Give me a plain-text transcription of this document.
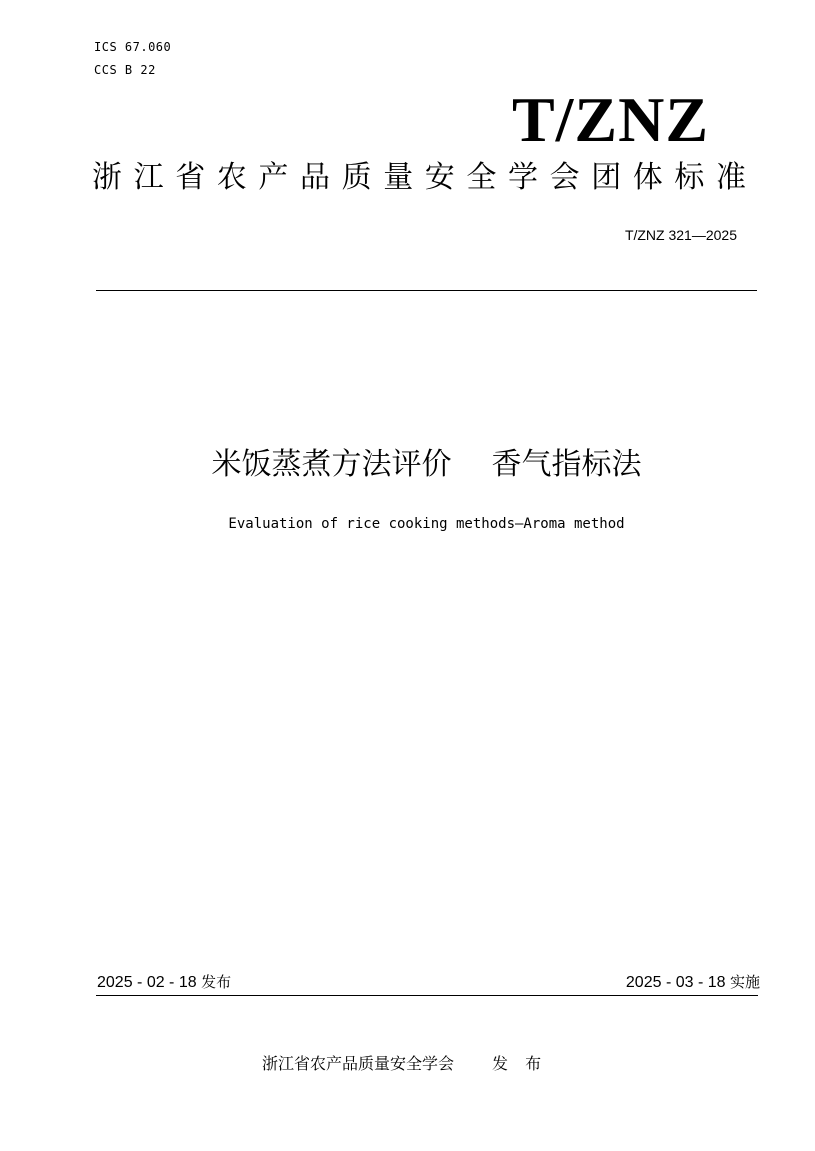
ICS 67.060
CCS B 22
T/ZNZ
浙江省农产品质量安全学会团体标准
T/ZNZ 321—2025
米饭蒸煮方法评价 香气指标法
Evaluation of rice cooking methods—Aroma method
2025 - 02 - 18 发布	2025 - 03 - 18 实施
浙江省农产品质量安全学会 发 布
